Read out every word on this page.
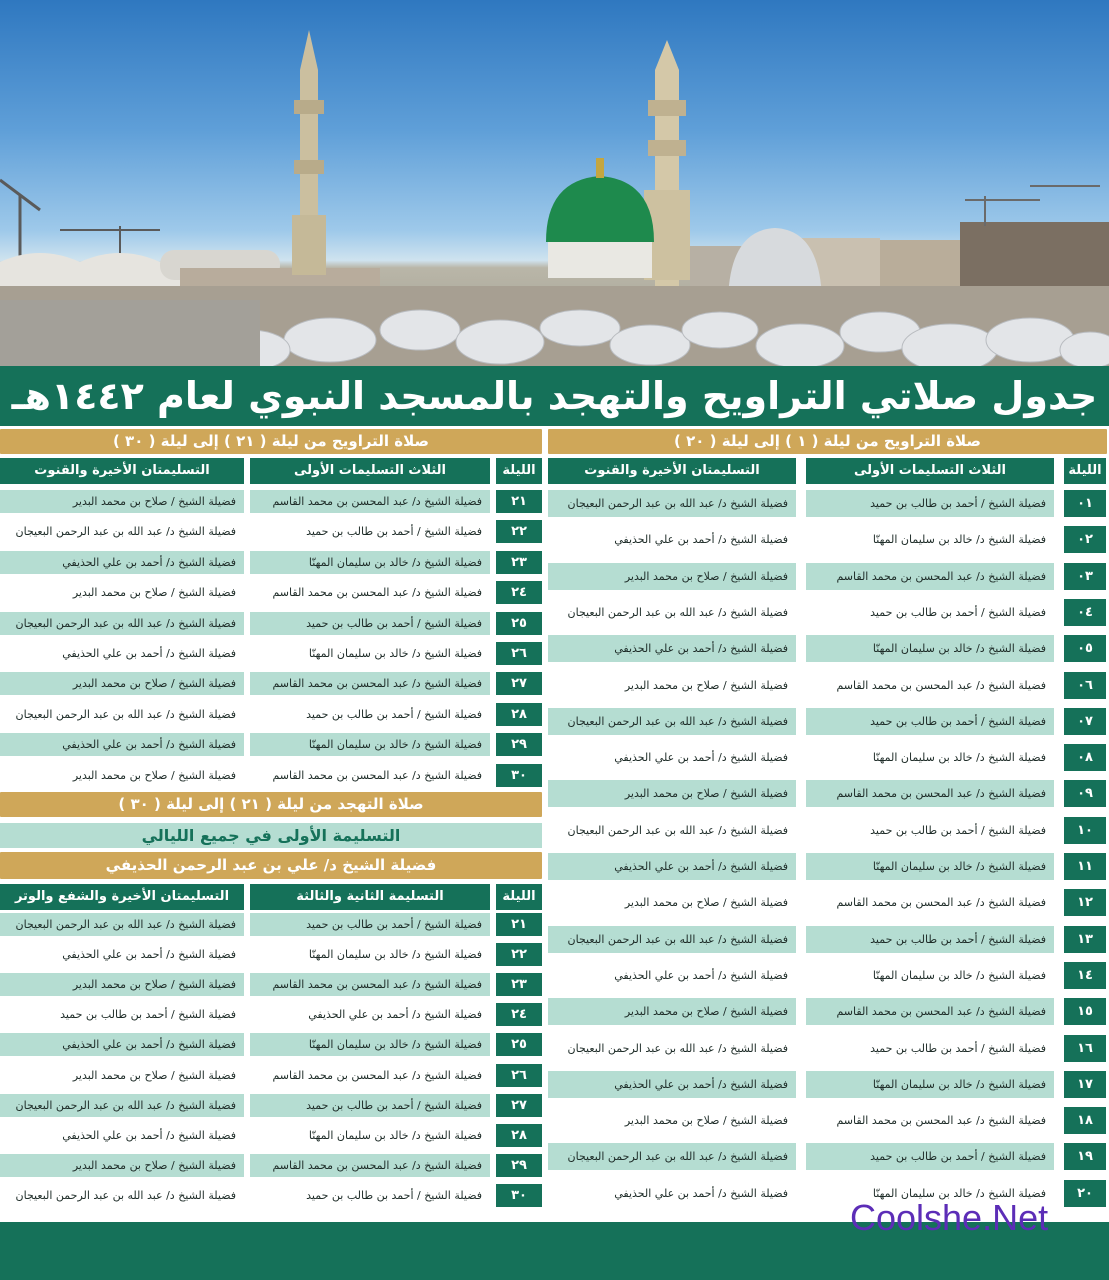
جدول صلاتي التراويح والتهجد بالمسجد النبوي لعام ١٤٤٢هـ
صلاة التراويح من ليلة ( ١ ) إلى ليلة ( ٢٠ )
الليلة
الثلاث التسليمات الأولى
التسليمتان الأخيرة والقنوت
٠١
فضيلة الشيخ / أحمد بن طالب بن حميد
فضيلة الشيخ د/ عبد الله بن عبد الرحمن البعيجان
٠٢
فضيلة الشيخ د/ خالد بن سليمان المهنّا
فضيلة الشيخ د/ أحمد بن علي الحذيفي
٠٣
فضيلة الشيخ د/ عبد المحسن بن محمد القاسم
فضيلة الشيخ / صلاح بن محمد البدير
٠٤
فضيلة الشيخ / أحمد بن طالب بن حميد
فضيلة الشيخ د/ عبد الله بن عبد الرحمن البعيجان
٠٥
فضيلة الشيخ د/ خالد بن سليمان المهنّا
فضيلة الشيخ د/ أحمد بن علي الحذيفي
٠٦
فضيلة الشيخ د/ عبد المحسن بن محمد القاسم
فضيلة الشيخ / صلاح بن محمد البدير
٠٧
فضيلة الشيخ / أحمد بن طالب بن حميد
فضيلة الشيخ د/ عبد الله بن عبد الرحمن البعيجان
٠٨
فضيلة الشيخ د/ خالد بن سليمان المهنّا
فضيلة الشيخ د/ أحمد بن علي الحذيفي
٠٩
فضيلة الشيخ د/ عبد المحسن بن محمد القاسم
فضيلة الشيخ / صلاح بن محمد البدير
١٠
فضيلة الشيخ / أحمد بن طالب بن حميد
فضيلة الشيخ د/ عبد الله بن عبد الرحمن البعيجان
١١
فضيلة الشيخ د/ خالد بن سليمان المهنّا
فضيلة الشيخ د/ أحمد بن علي الحذيفي
١٢
فضيلة الشيخ د/ عبد المحسن بن محمد القاسم
فضيلة الشيخ / صلاح بن محمد البدير
١٣
فضيلة الشيخ / أحمد بن طالب بن حميد
فضيلة الشيخ د/ عبد الله بن عبد الرحمن البعيجان
١٤
فضيلة الشيخ د/ خالد بن سليمان المهنّا
فضيلة الشيخ د/ أحمد بن علي الحذيفي
١٥
فضيلة الشيخ د/ عبد المحسن بن محمد القاسم
فضيلة الشيخ / صلاح بن محمد البدير
١٦
فضيلة الشيخ / أحمد بن طالب بن حميد
فضيلة الشيخ د/ عبد الله بن عبد الرحمن البعيجان
١٧
فضيلة الشيخ د/ خالد بن سليمان المهنّا
فضيلة الشيخ د/ أحمد بن علي الحذيفي
١٨
فضيلة الشيخ د/ عبد المحسن بن محمد القاسم
فضيلة الشيخ / صلاح بن محمد البدير
١٩
فضيلة الشيخ / أحمد بن طالب بن حميد
فضيلة الشيخ د/ عبد الله بن عبد الرحمن البعيجان
٢٠
فضيلة الشيخ د/ خالد بن سليمان المهنّا
فضيلة الشيخ د/ أحمد بن علي الحذيفي
صلاة التراويح من ليلة ( ٢١ ) إلى ليلة ( ٣٠ )
الليلة
الثلاث التسليمات الأولى
التسليمتان الأخيرة والقنوت
٢١
فضيلة الشيخ د/ عبد المحسن بن محمد القاسم
فضيلة الشيخ / صلاح بن محمد البدير
٢٢
فضيلة الشيخ / أحمد بن طالب بن حميد
فضيلة الشيخ د/ عبد الله بن عبد الرحمن البعيجان
٢٣
فضيلة الشيخ د/ خالد بن سليمان المهنّا
فضيلة الشيخ د/ أحمد بن علي الحذيفي
٢٤
فضيلة الشيخ د/ عبد المحسن بن محمد القاسم
فضيلة الشيخ / صلاح بن محمد البدير
٢٥
فضيلة الشيخ / أحمد بن طالب بن حميد
فضيلة الشيخ د/ عبد الله بن عبد الرحمن البعيجان
٢٦
فضيلة الشيخ د/ خالد بن سليمان المهنّا
فضيلة الشيخ د/ أحمد بن علي الحذيفي
٢٧
فضيلة الشيخ د/ عبد المحسن بن محمد القاسم
فضيلة الشيخ / صلاح بن محمد البدير
٢٨
فضيلة الشيخ / أحمد بن طالب بن حميد
فضيلة الشيخ د/ عبد الله بن عبد الرحمن البعيجان
٢٩
فضيلة الشيخ د/ خالد بن سليمان المهنّا
فضيلة الشيخ د/ أحمد بن علي الحذيفي
٣٠
فضيلة الشيخ د/ عبد المحسن بن محمد القاسم
فضيلة الشيخ / صلاح بن محمد البدير
صلاة التهجد من ليلة ( ٢١ ) إلى ليلة ( ٣٠ )
التسليمة الأولى في جميع الليالي
فضيلة الشيخ د/ علي بن عبد الرحمن الحذيفي
الليلة
التسليمة الثانية والثالثة
التسليمتان الأخيرة والشفع والوتر
٢١
فضيلة الشيخ / أحمد بن طالب بن حميد
فضيلة الشيخ د/ عبد الله بن عبد الرحمن البعيجان
٢٢
فضيلة الشيخ د/ خالد بن سليمان المهنّا
فضيلة الشيخ د/ أحمد بن علي الحذيفي
٢٣
فضيلة الشيخ د/ عبد المحسن بن محمد القاسم
فضيلة الشيخ / صلاح بن محمد البدير
٢٤
فضيلة الشيخ د/ أحمد بن علي الحذيفي
فضيلة الشيخ / أحمد بن طالب بن حميد
٢٥
فضيلة الشيخ د/ خالد بن سليمان المهنّا
فضيلة الشيخ د/ أحمد بن علي الحذيفي
٢٦
فضيلة الشيخ د/ عبد المحسن بن محمد القاسم
فضيلة الشيخ / صلاح بن محمد البدير
٢٧
فضيلة الشيخ / أحمد بن طالب بن حميد
فضيلة الشيخ د/ عبد الله بن عبد الرحمن البعيجان
٢٨
فضيلة الشيخ د/ خالد بن سليمان المهنّا
فضيلة الشيخ د/ أحمد بن علي الحذيفي
٢٩
فضيلة الشيخ د/ عبد المحسن بن محمد القاسم
فضيلة الشيخ / صلاح بن محمد البدير
٣٠
فضيلة الشيخ / أحمد بن طالب بن حميد
فضيلة الشيخ د/ عبد الله بن عبد الرحمن البعيجان
Coolshe.Net
